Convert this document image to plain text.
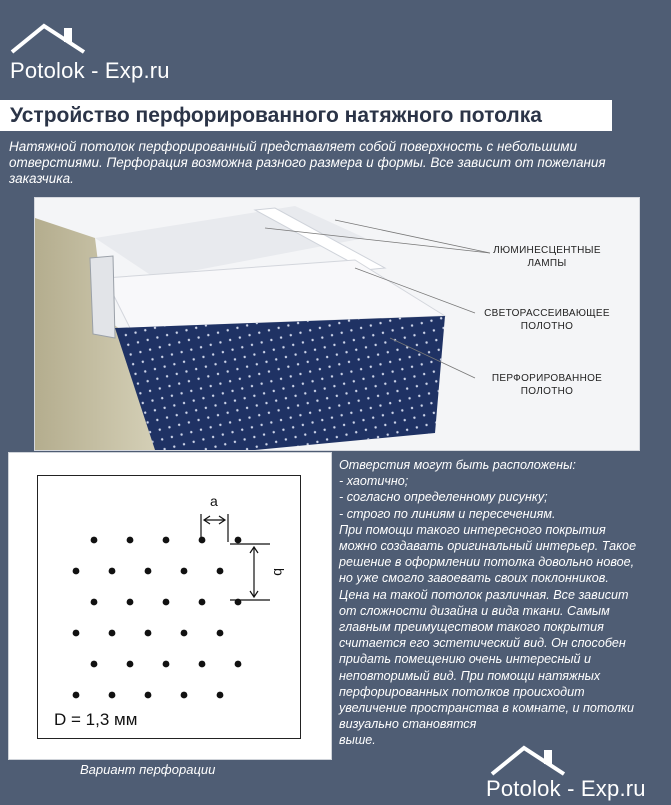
Potolok - Exp.ru
Устройство перфорированного натяжного потолка
Натяжной потолок перфорированный представляет собой поверхность с небольшими отверстиями. Перфорация возможна разного размера и формы. Все зависит от пожелания заказчика.
ЛЮМИНЕСЦЕНТНЫЕ
ЛАМПЫ
СВЕТОРАССЕИВАЮЩЕЕ
ПОЛОТНО
ПЕРФОРИРОВАННОЕ
ПОЛОТНО
a
b
D = 1,3 мм
Вариант перфорации
Отверстия могут быть расположены:
- хаотично;
- согласно определенному рисунку;
- строго по линиям и пересечениям.
При помощи такого интересного покрытия
можно создавать оригинальный интерьер. Такое
решение в оформлении потолка довольно новое,
но уже смогло завоевать своих поклонников.
Цена на такой потолок различная. Все зависит
от сложности дизайна и вида ткани. Самым
главным преимуществом такого покрытия
считается его эстетический вид. Он способен
придать помещению очень интересный и
неповторимый вид. При помощи натяжных
перфорированных потолков происходит
увеличение пространства в комнате, и потолки
визуально становятся
выше.
Potolok - Exp.ru
